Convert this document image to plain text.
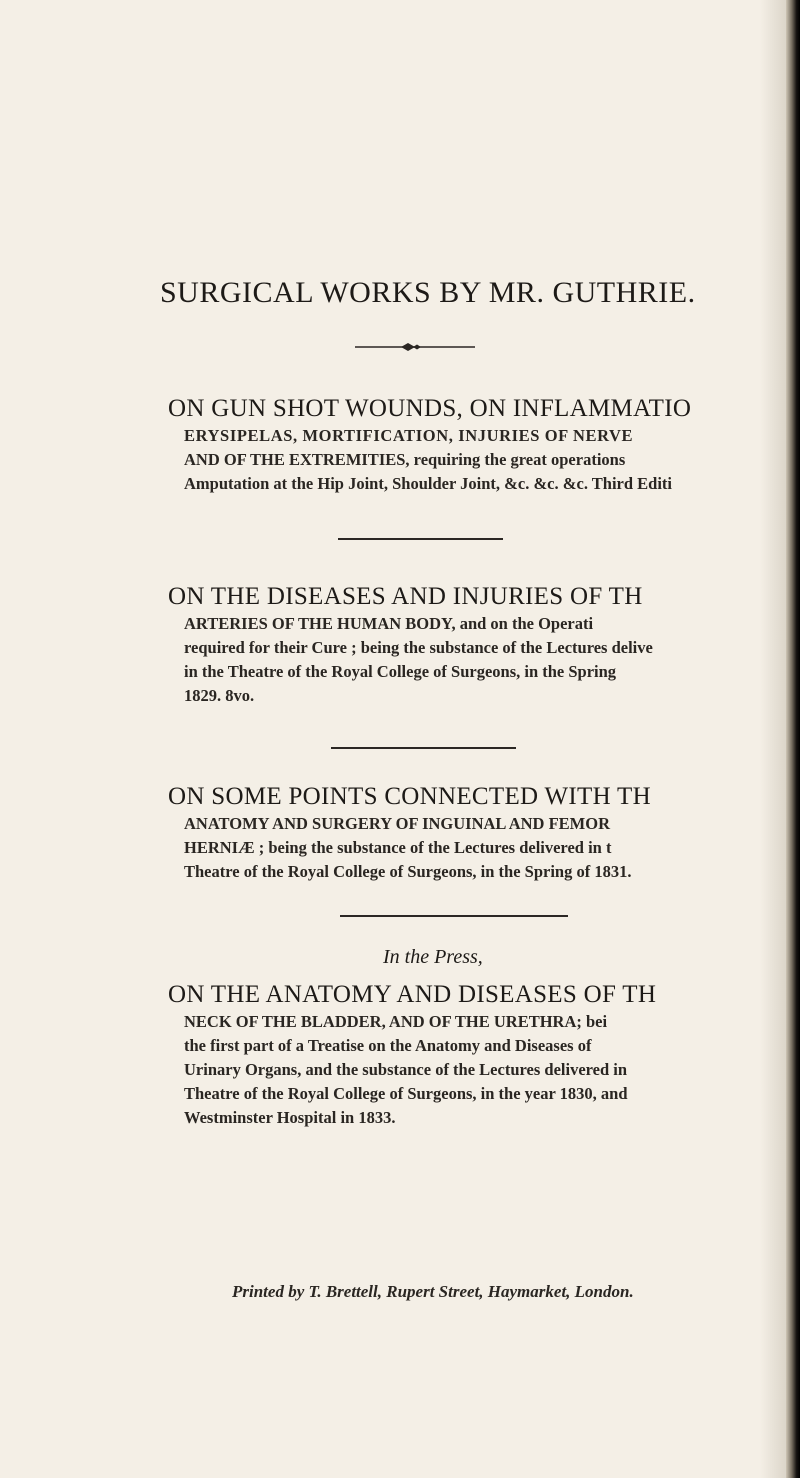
SURGICAL WORKS BY MR. GUTHRIE.
ON GUN SHOT WOUNDS, ON INFLAMMATIO
ERYSIPELAS, MORTIFICATION, INJURIES OF NERVE
AND OF THE EXTREMITIES, requiring the great operations
Amputation at the Hip Joint, Shoulder Joint, &c. &c. &c. Third Editi
ON THE DISEASES AND INJURIES OF TH
ARTERIES OF THE HUMAN BODY, and on the Operati
required for their Cure ; being the substance of the Lectures delive
in the Theatre of the Royal College of Surgeons, in the Spring
1829. 8vo.
ON SOME POINTS CONNECTED WITH TH
ANATOMY AND SURGERY OF INGUINAL AND FEMOR
HERNIÆ ; being the substance of the Lectures delivered in t
Theatre of the Royal College of Surgeons, in the Spring of 1831.
In the Press,
ON THE ANATOMY AND DISEASES OF TH
NECK OF THE BLADDER, AND OF THE URETHRA; bei
the first part of a Treatise on the Anatomy and Diseases of
Urinary Organs, and the substance of the Lectures delivered in
Theatre of the Royal College of Surgeons, in the year 1830, and
Westminster Hospital in 1833.
Printed by T. Brettell, Rupert Street, Haymarket, London.
